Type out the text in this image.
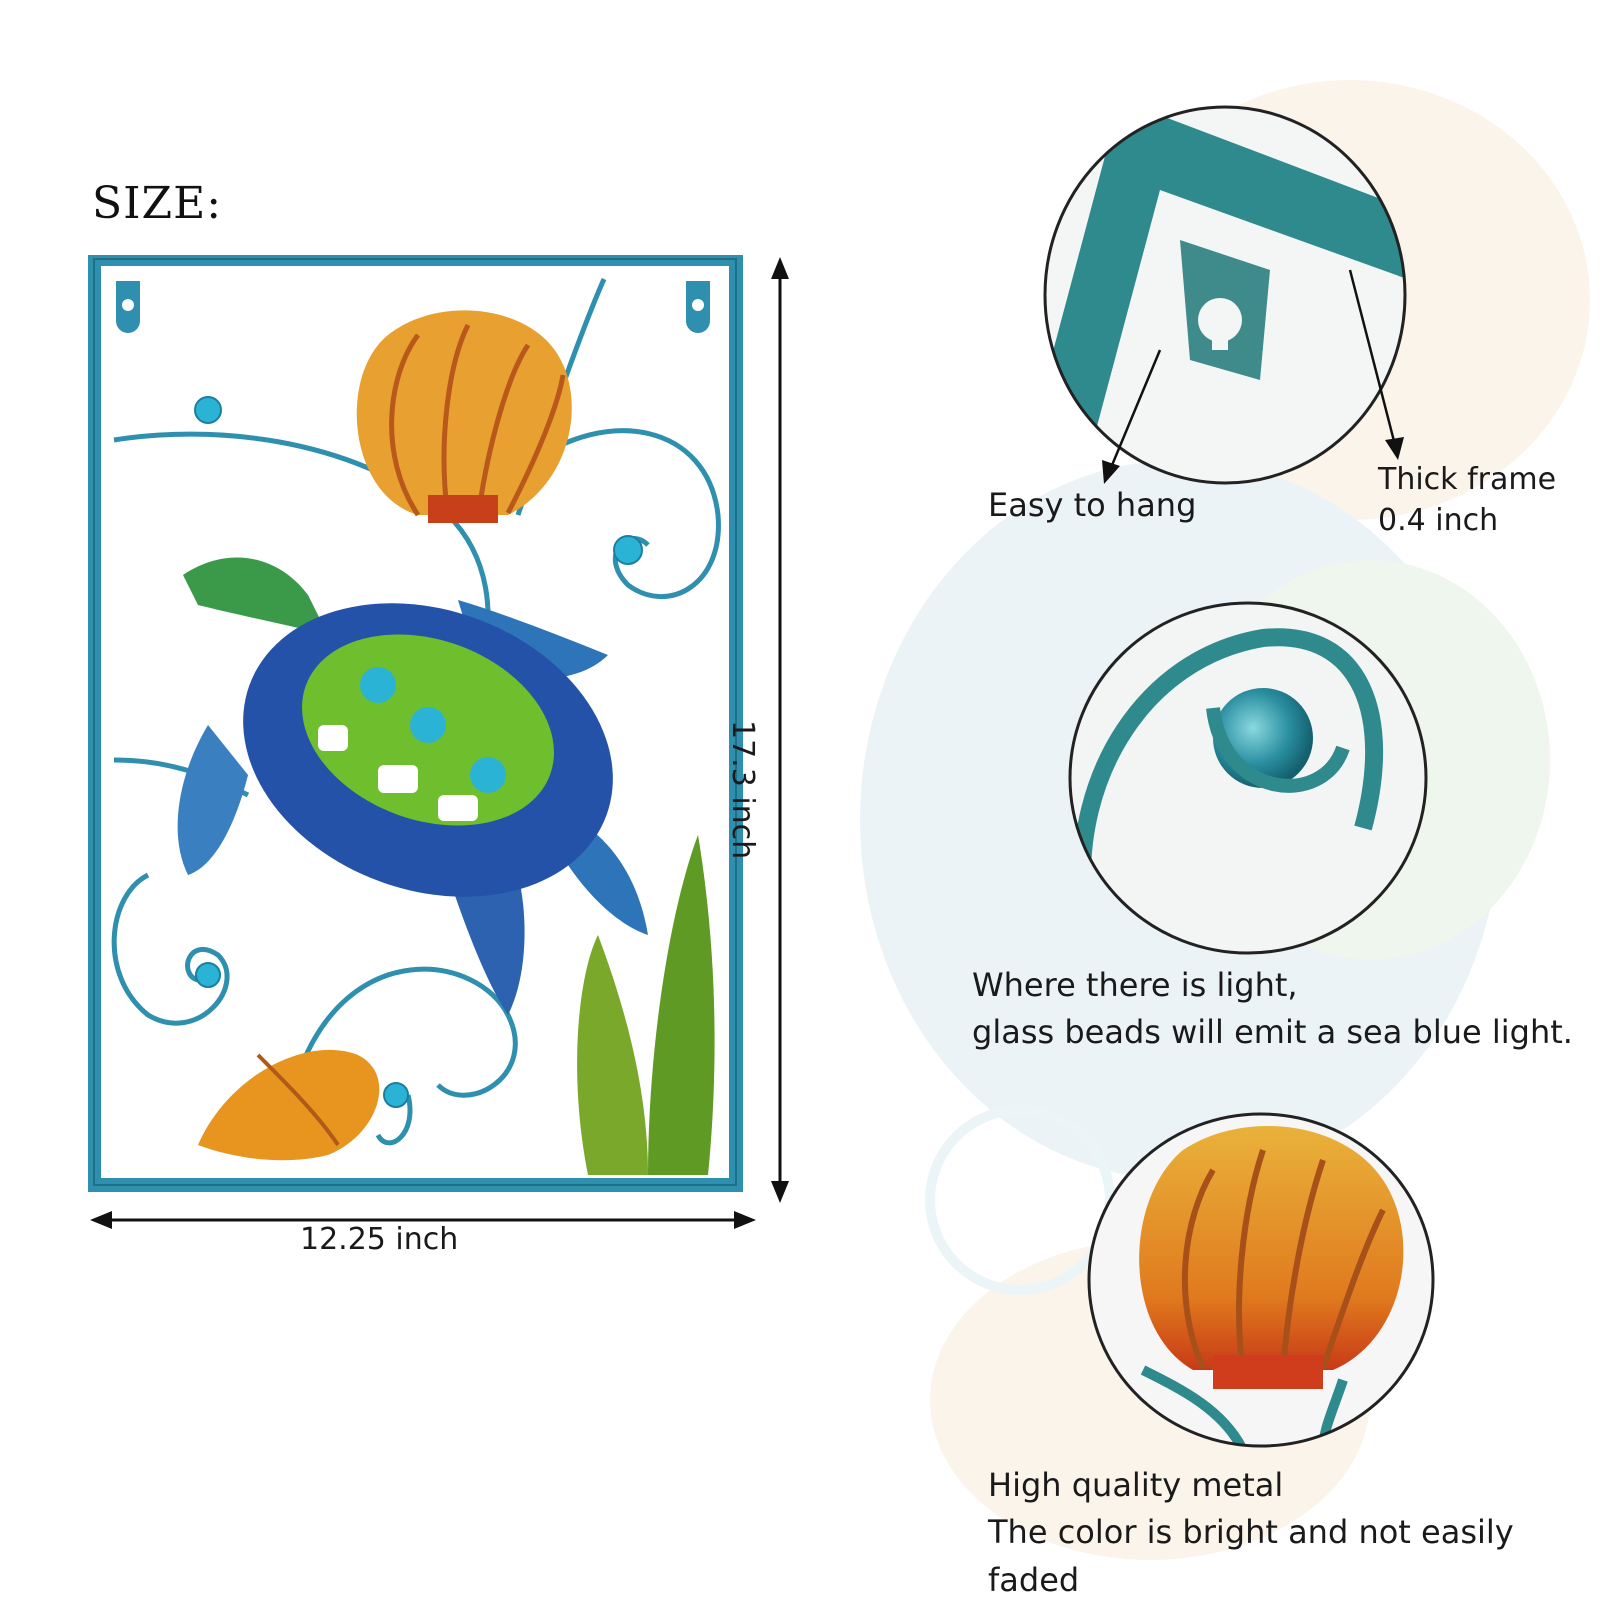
SIZE:
12.25 inch
17.3 inch
Easy to hang
Thick frame
0.4 inch
Where there is light,
glass beads will emit a sea blue light.
High quality metal
The color is bright and not easily faded
